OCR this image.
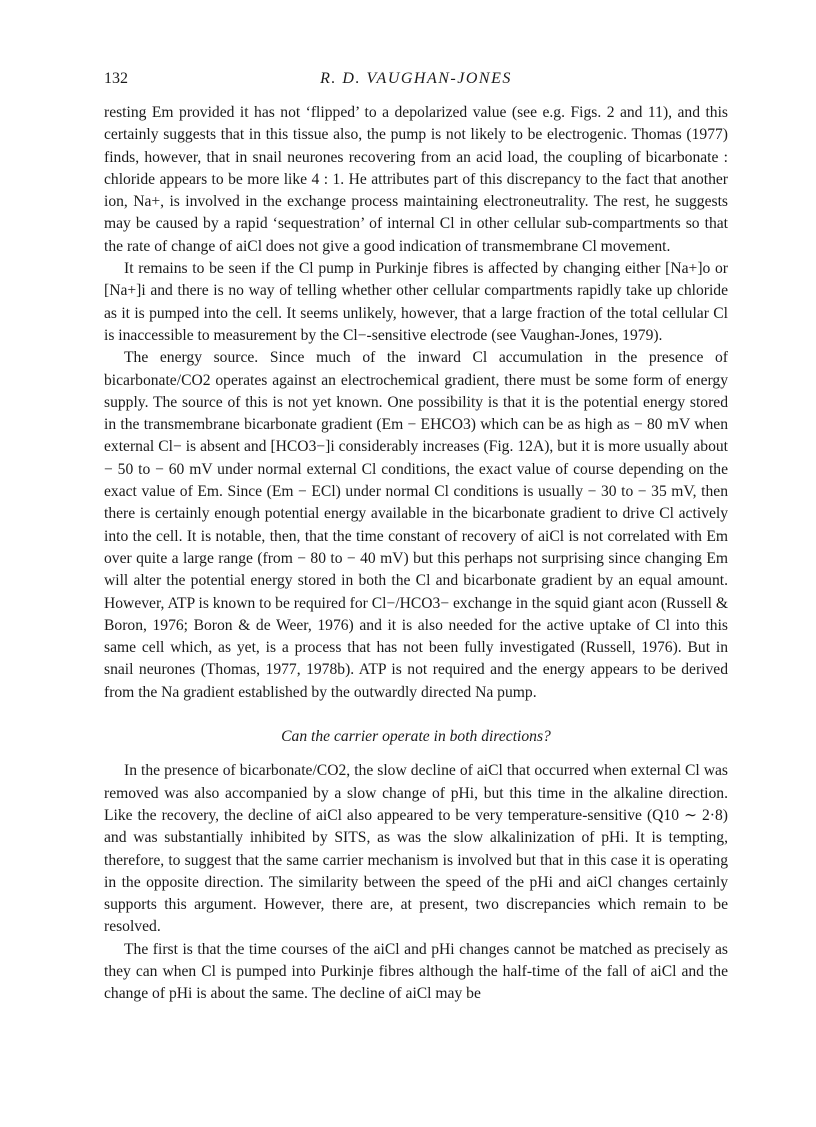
132	R. D. VAUGHAN-JONES

resting Em provided it has not ‘flipped’ to a depolarized value (see e.g. Figs. 2 and 11), and this certainly suggests that in this tissue also, the pump is not likely to be electrogenic. Thomas (1977) finds, however, that in snail neurones recovering from an acid load, the coupling of bicarbonate : chloride appears to be more like 4 : 1. He attributes part of this discrepancy to the fact that another ion, Na+, is involved in the exchange process maintaining electroneutrality. The rest, he suggests may be caused by a rapid ‘sequestration’ of internal Cl in other cellular sub-compartments so that the rate of change of aiCl does not give a good indication of transmembrane Cl movement.

It remains to be seen if the Cl pump in Purkinje fibres is affected by changing either [Na+]o or [Na+]i and there is no way of telling whether other cellular compartments rapidly take up chloride as it is pumped into the cell. It seems unlikely, however, that a large fraction of the total cellular Cl is inaccessible to measurement by the Cl−-sensitive electrode (see Vaughan-Jones, 1979).

The energy source. Since much of the inward Cl accumulation in the presence of bicarbonate/CO2 operates against an electrochemical gradient, there must be some form of energy supply. The source of this is not yet known. One possibility is that it is the potential energy stored in the transmembrane bicarbonate gradient (Em − EHCO3) which can be as high as − 80 mV when external Cl− is absent and [HCO3−]i considerably increases (Fig. 12A), but it is more usually about − 50 to − 60 mV under normal external Cl conditions, the exact value of course depending on the exact value of Em. Since (Em − ECl) under normal Cl conditions is usually − 30 to − 35 mV, then there is certainly enough potential energy available in the bicarbonate gradient to drive Cl actively into the cell. It is notable, then, that the time constant of recovery of aiCl is not correlated with Em over quite a large range (from − 80 to − 40 mV) but this perhaps not surprising since changing Em will alter the potential energy stored in both the Cl and bicarbonate gradient by an equal amount. However, ATP is known to be required for Cl−/HCO3− exchange in the squid giant acon (Russell & Boron, 1976; Boron & de Weer, 1976) and it is also needed for the active uptake of Cl into this same cell which, as yet, is a process that has not been fully investigated (Russell, 1976). But in snail neurones (Thomas, 1977, 1978b). ATP is not required and the energy appears to be derived from the Na gradient established by the outwardly directed Na pump.

Can the carrier operate in both directions?

In the presence of bicarbonate/CO2, the slow decline of aiCl that occurred when external Cl was removed was also accompanied by a slow change of pHi, but this time in the alkaline direction. Like the recovery, the decline of aiCl also appeared to be very temperature-sensitive (Q10 ∼ 2·8) and was substantially inhibited by SITS, as was the slow alkalinization of pHi. It is tempting, therefore, to suggest that the same carrier mechanism is involved but that in this case it is operating in the opposite direction. The similarity between the speed of the pHi and aiCl changes certainly supports this argument. However, there are, at present, two discrepancies which remain to be resolved.

The first is that the time courses of the aiCl and pHi changes cannot be matched as precisely as they can when Cl is pumped into Purkinje fibres although the half-time of the fall of aiCl and the change of pHi is about the same. The decline of aiCl may be
